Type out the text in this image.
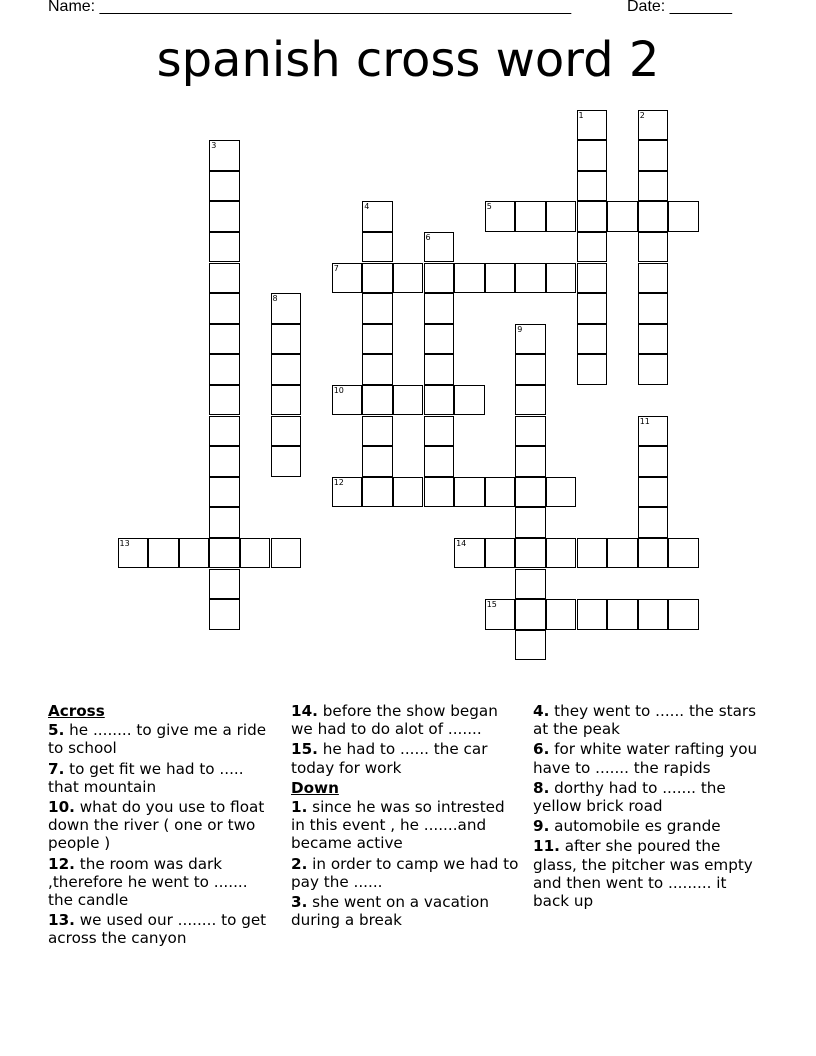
Name: _____________________________________________________	Date: _______
spanish cross word 2
1	2
3
4	5
6
7
8
9
10
11
12
13	14
15
Across
5. he ........ to give me a ride to school
7. to get fit we had to ..... that mountain
10. what do you use to float down the river ( one or two people )
12. the room was dark ,therefore he went to ....... the candle
13. we used our ........ to get across the canyon
14. before the show began we had to do alot of .......
15. he had to ...... the car today for work
Down
1. since he was so intrested in this event , he .......and became active
2. in order to camp we had to pay the ......
3. she went on a vacation during a break
4. they went to ...... the stars at the peak
6. for white water rafting you have to ....... the rapids
8. dorthy had to ....... the yellow brick road
9. automobile es grande
11. after she poured the glass, the pitcher was empty and then went to ......... it back up
